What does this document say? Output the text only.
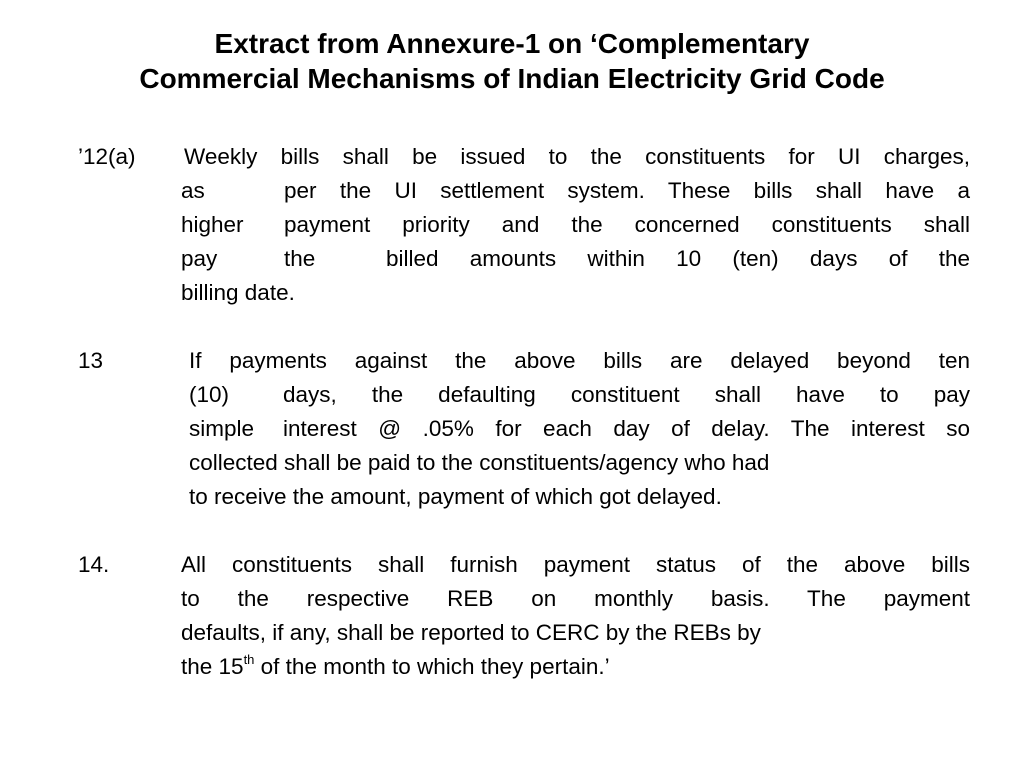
Extract from Annexure-1 on ‘Complementary
Commercial Mechanisms of Indian Electricity Grid Code
’12(a) Weekly bills shall be issued to the constituents for UI charges,
as	per the UI settlement system. These bills shall have a
higher payment priority and the concerned constituents shall
pay	the	billed amounts within 10 (ten) days of the
billing date.
13	If payments against the above bills are delayed beyond ten
(10) days, the defaulting constituent shall have to pay
simple interest @ .05% for each day of delay. The interest so
collected shall be paid to the constituents/agency who had
to receive the amount, payment of which got delayed.
14.	All constituents shall furnish payment status of the above bills
to the respective REB on monthly basis. The payment
defaults, if any, shall be reported to CERC by the REBs by
the 15th of the month to which they pertain.’
